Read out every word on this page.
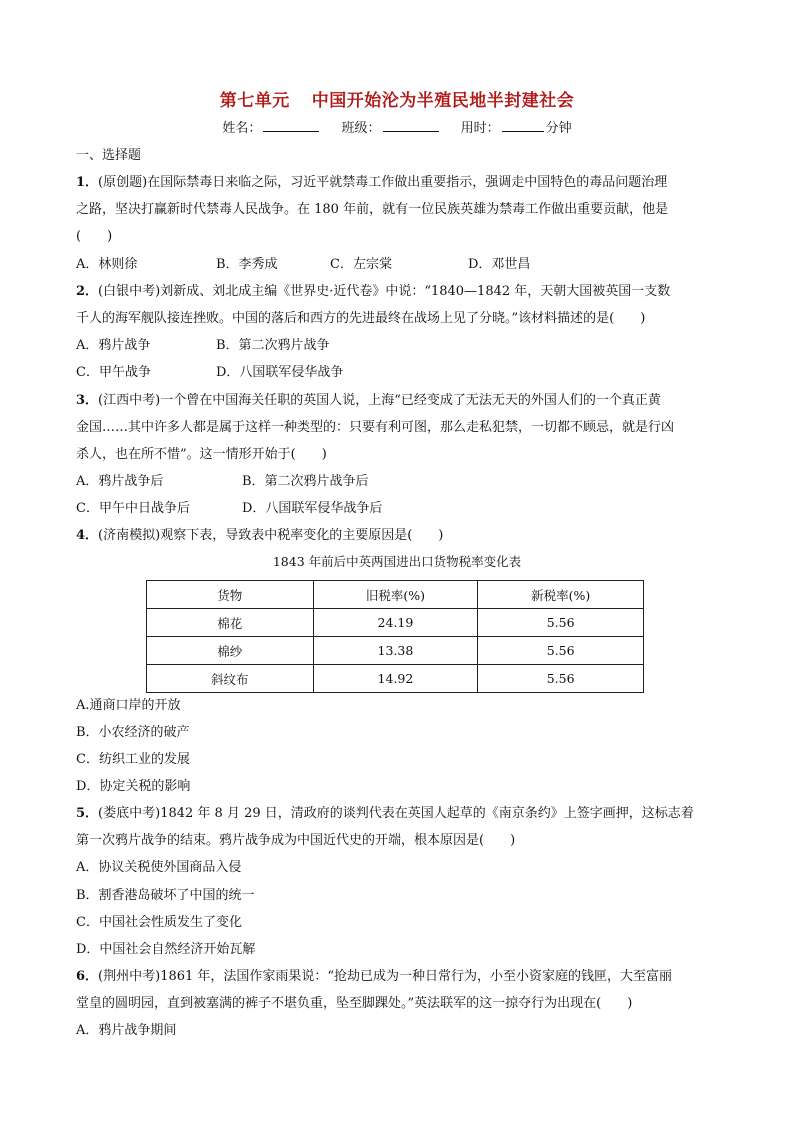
第七单元 中国开始沦为半殖民地半封建社会
姓名：	班级：	用时：	分钟
一、选择题
1．(原创题)在国际禁毒日来临之际，习近平就禁毒工作做出重要指示，强调走中国特色的毒品问题治理
之路，坚决打赢新时代禁毒人民战争。在 180 年前，就有一位民族英雄为禁毒工作做出重要贡献，他是
(　　)
A．林则徐	B．李秀成	C．左宗棠	D．邓世昌
2．(白银中考)刘新成、刘北成主编《世界史·近代卷》中说：“1840—1842 年，天朝大国被英国一支数
千人的海军舰队接连挫败。中国的落后和西方的先进最终在战场上见了分晓。”该材料描述的是(　　)
A．鸦片战争	B．第二次鸦片战争
C．甲午战争	D．八国联军侵华战争
3．(江西中考)一个曾在中国海关任职的英国人说，上海“已经变成了无法无天的外国人们的一个真正黄
金国……其中许多人都是属于这样一种类型的：只要有利可图，那么走私犯禁，一切都不顾忌，就是行凶
杀人，也在所不惜”。这一情形开始于(　　)
A．鸦片战争后	B．第二次鸦片战争后
C．甲午中日战争后	D．八国联军侵华战争后
4．(济南模拟)观察下表，导致表中税率变化的主要原因是(　　)
1843 年前后中英两国进出口货物税率变化表
货物	旧税率(%)	新税率(%)
棉花	24.19	5.56
棉纱	13.38	5.56
斜纹布	14.92	5.56
A.通商口岸的开放
B．小农经济的破产
C．纺织工业的发展
D．协定关税的影响
5．(娄底中考)1842 年 8 月 29 日，清政府的谈判代表在英国人起草的《南京条约》上签字画押，这标志着
第一次鸦片战争的结束。鸦片战争成为中国近代史的开端，根本原因是(　　)
A．协议关税使外国商品入侵
B．割香港岛破坏了中国的统一
C．中国社会性质发生了变化
D．中国社会自然经济开始瓦解
6．(荆州中考)1861 年，法国作家雨果说：“抢劫已成为一种日常行为，小至小资家庭的钱匣，大至富丽
堂皇的圆明园，直到被塞满的裤子不堪负重，坠至脚踝处。”英法联军的这一掠夺行为出现在(　　)
A．鸦片战争期间
